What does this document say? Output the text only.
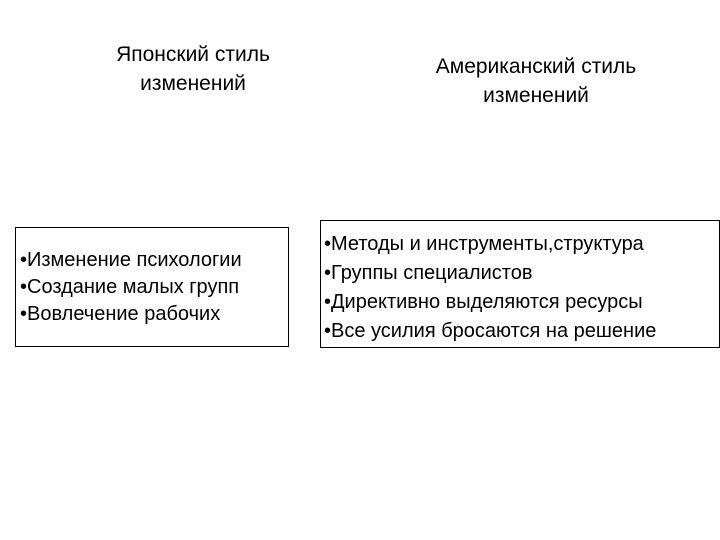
Японский стиль
изменений
Американский стиль
изменений
• Изменение психологии
• Создание малых групп
• Вовлечение рабочих
• Методы и инструменты,структура
• Группы специалистов
• Директивно выделяются ресурсы
• Все усилия бросаются на решение
